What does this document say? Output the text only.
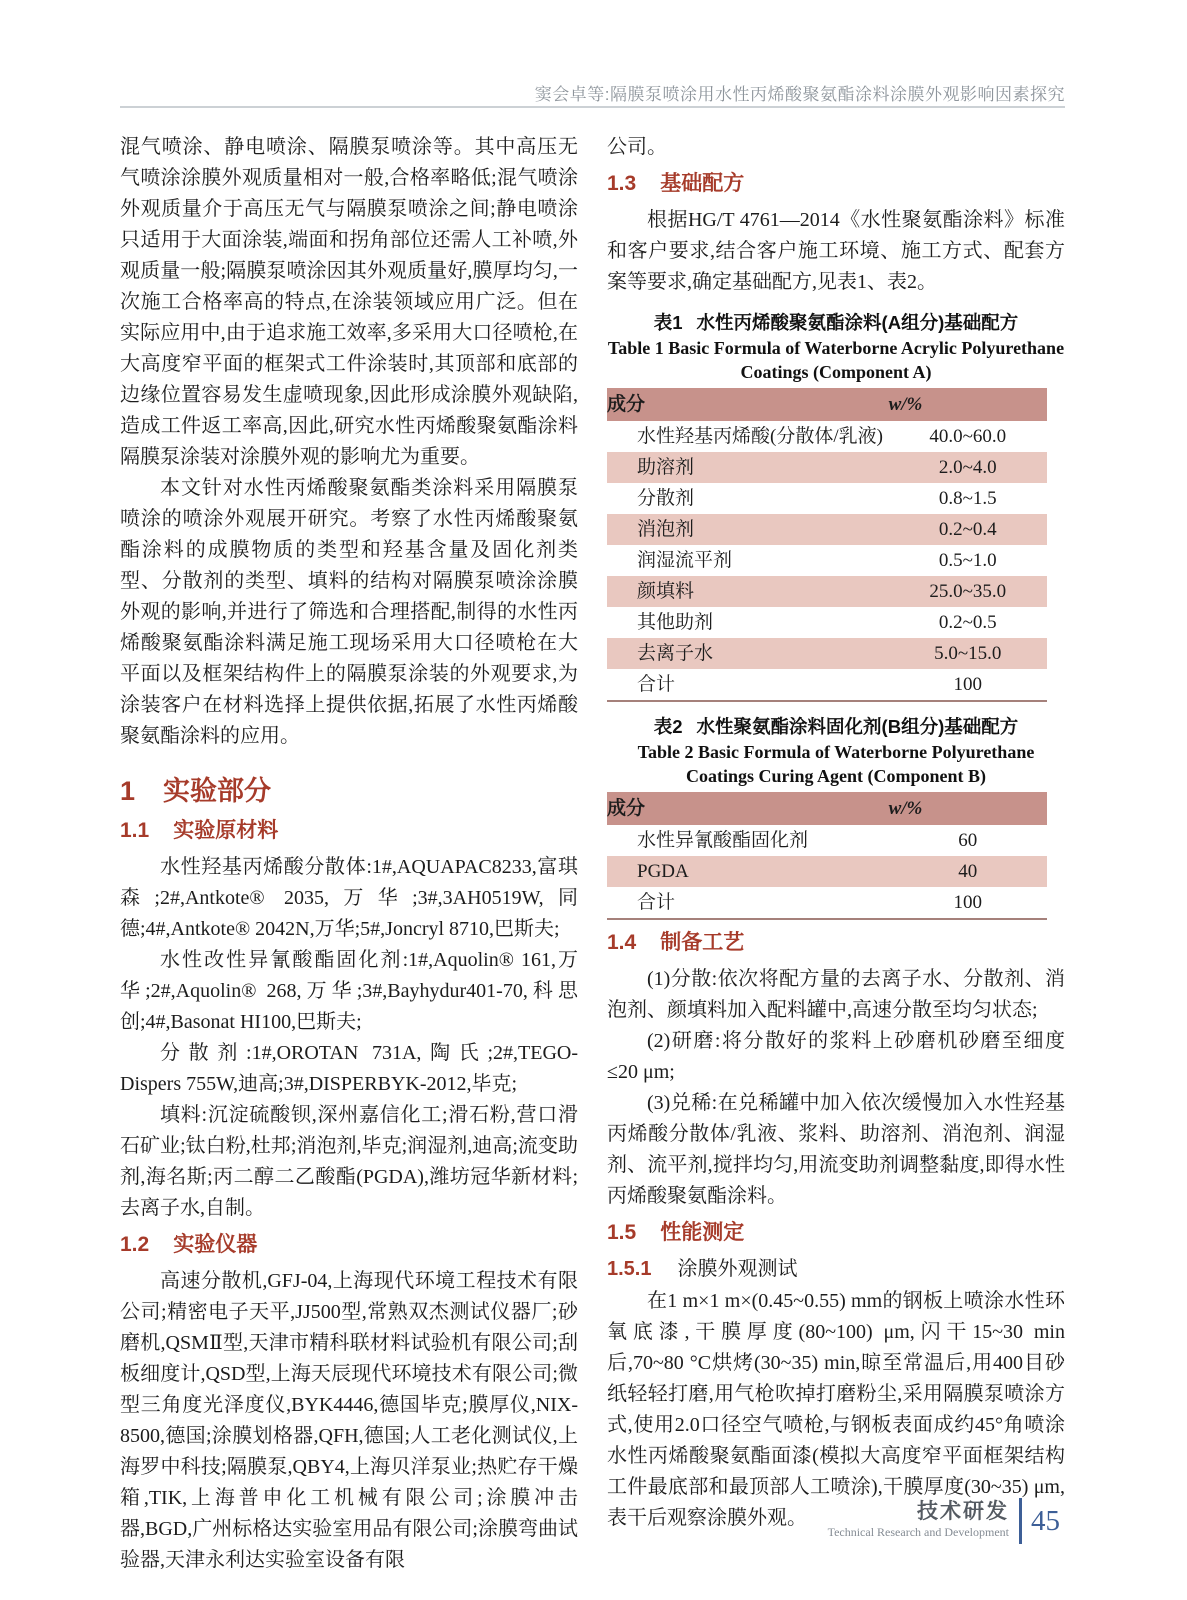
窦会卓等:隔膜泵喷涂用水性丙烯酸聚氨酯涂料涂膜外观影响因素探究

混气喷涂、静电喷涂、隔膜泵喷涂等。其中高压无气喷涂涂膜外观质量相对一般,合格率略低;混气喷涂外观质量介于高压无气与隔膜泵喷涂之间;静电喷涂只适用于大面涂装,端面和拐角部位还需人工补喷,外观质量一般;隔膜泵喷涂因其外观质量好,膜厚均匀,一次施工合格率高的特点,在涂装领域应用广泛。但在实际应用中,由于追求施工效率,多采用大口径喷枪,在大高度窄平面的框架式工件涂装时,其顶部和底部的边缘位置容易发生虚喷现象,因此形成涂膜外观缺陷,造成工件返工率高,因此,研究水性丙烯酸聚氨酯涂料隔膜泵涂装对涂膜外观的影响尤为重要。

本文针对水性丙烯酸聚氨酯类涂料采用隔膜泵喷涂的喷涂外观展开研究。考察了水性丙烯酸聚氨酯涂料的成膜物质的类型和羟基含量及固化剂类型、分散剂的类型、填料的结构对隔膜泵喷涂涂膜外观的影响,并进行了筛选和合理搭配,制得的水性丙烯酸聚氨酯涂料满足施工现场采用大口径喷枪在大平面以及框架结构件上的隔膜泵涂装的外观要求,为涂装客户在材料选择上提供依据,拓展了水性丙烯酸聚氨酯涂料的应用。

1 实验部分
1.1 实验原材料

水性羟基丙烯酸分散体:1#,AQUAPAC8233,富琪森;2#,Antkote® 2035,万华;3#,3AH0519W,同德;4#,Antkote® 2042N,万华;5#,Joncryl 8710,巴斯夫;

水性改性异氰酸酯固化剂:1#,Aquolin® 161,万华;2#,Aquolin® 268,万华;3#,Bayhydur401-70,科思创;4#,Basonat HI100,巴斯夫;

分散剂:1#,OROTAN 731A,陶氏;2#,TEGO-Dispers 755W,迪高;3#,DISPERBYK-2012,毕克;

填料:沉淀硫酸钡,深州嘉信化工;滑石粉,营口滑石矿业;钛白粉,杜邦;消泡剂,毕克;润湿剂,迪高;流变助剂,海名斯;丙二醇二乙酸酯(PGDA),潍坊冠华新材料;去离子水,自制。

1.2 实验仪器

高速分散机,GFJ-04,上海现代环境工程技术有限公司;精密电子天平,JJ500型,常熟双杰测试仪器厂;砂磨机,QSMⅡ型,天津市精科联材料试验机有限公司;刮板细度计,QSD型,上海天辰现代环境技术有限公司;微型三角度光泽度仪,BYK4446,德国毕克;膜厚仪,NIX-8500,德国;涂膜划格器,QFH,德国;人工老化测试仪,上海罗中科技;隔膜泵,QBY4,上海贝洋泵业;热贮存干燥箱,TIK,上海普申化工机械有限公司;涂膜冲击器,BGD,广州标格达实验室用品有限公司;涂膜弯曲试验器,天津永利达实验室设备有限

公司。

1.3 基础配方

根据HG/T 4761—2014《水性聚氨酯涂料》标准和客户要求,结合客户施工环境、施工方式、配套方案等要求,确定基础配方,见表1、表2。

表1 水性丙烯酸聚氨酯涂料(A组分)基础配方
Table 1 Basic Formula of Waterborne Acrylic Polyurethane Coatings (Component A)
成分	w/%
水性羟基丙烯酸(分散体/乳液)	40.0~60.0
助溶剂	2.0~4.0
分散剂	0.8~1.5
消泡剂	0.2~0.4
润湿流平剂	0.5~1.0
颜填料	25.0~35.0
其他助剂	0.2~0.5
去离子水	5.0~15.0
合计	100
表2 水性聚氨酯涂料固化剂(B组分)基础配方
Table 2 Basic Formula of Waterborne Polyurethane Coatings Curing Agent (Component B)
成分	w/%
水性异氰酸酯固化剂	60
PGDA	40
合计	100
1.4 制备工艺

(1)分散:依次将配方量的去离子水、分散剂、消泡剂、颜填料加入配料罐中,高速分散至均匀状态;

(2)研磨:将分散好的浆料上砂磨机砂磨至细度≤20 μm;

(3)兑稀:在兑稀罐中加入依次缓慢加入水性羟基丙烯酸分散体/乳液、浆料、助溶剂、消泡剂、润湿剂、流平剂,搅拌均匀,用流变助剂调整黏度,即得水性丙烯酸聚氨酯涂料。

1.5 性能测定
1.5.1 涂膜外观测试

在1 m×1 m×(0.45~0.55) mm的钢板上喷涂水性环氧底漆,干膜厚度(80~100) μm,闪干15~30 min后,70~80 °C烘烤(30~35) min,晾至常温后,用400目砂纸轻轻打磨,用气枪吹掉打磨粉尘,采用隔膜泵喷涂方式,使用2.0口径空气喷枪,与钢板表面成约45°角喷涂水性丙烯酸聚氨酯面漆(模拟大高度窄平面框架结构工件最底部和最顶部人工喷涂),干膜厚度(30~35) μm,表干后观察涂膜外观。	技术研发
Technical Research and Development 45
